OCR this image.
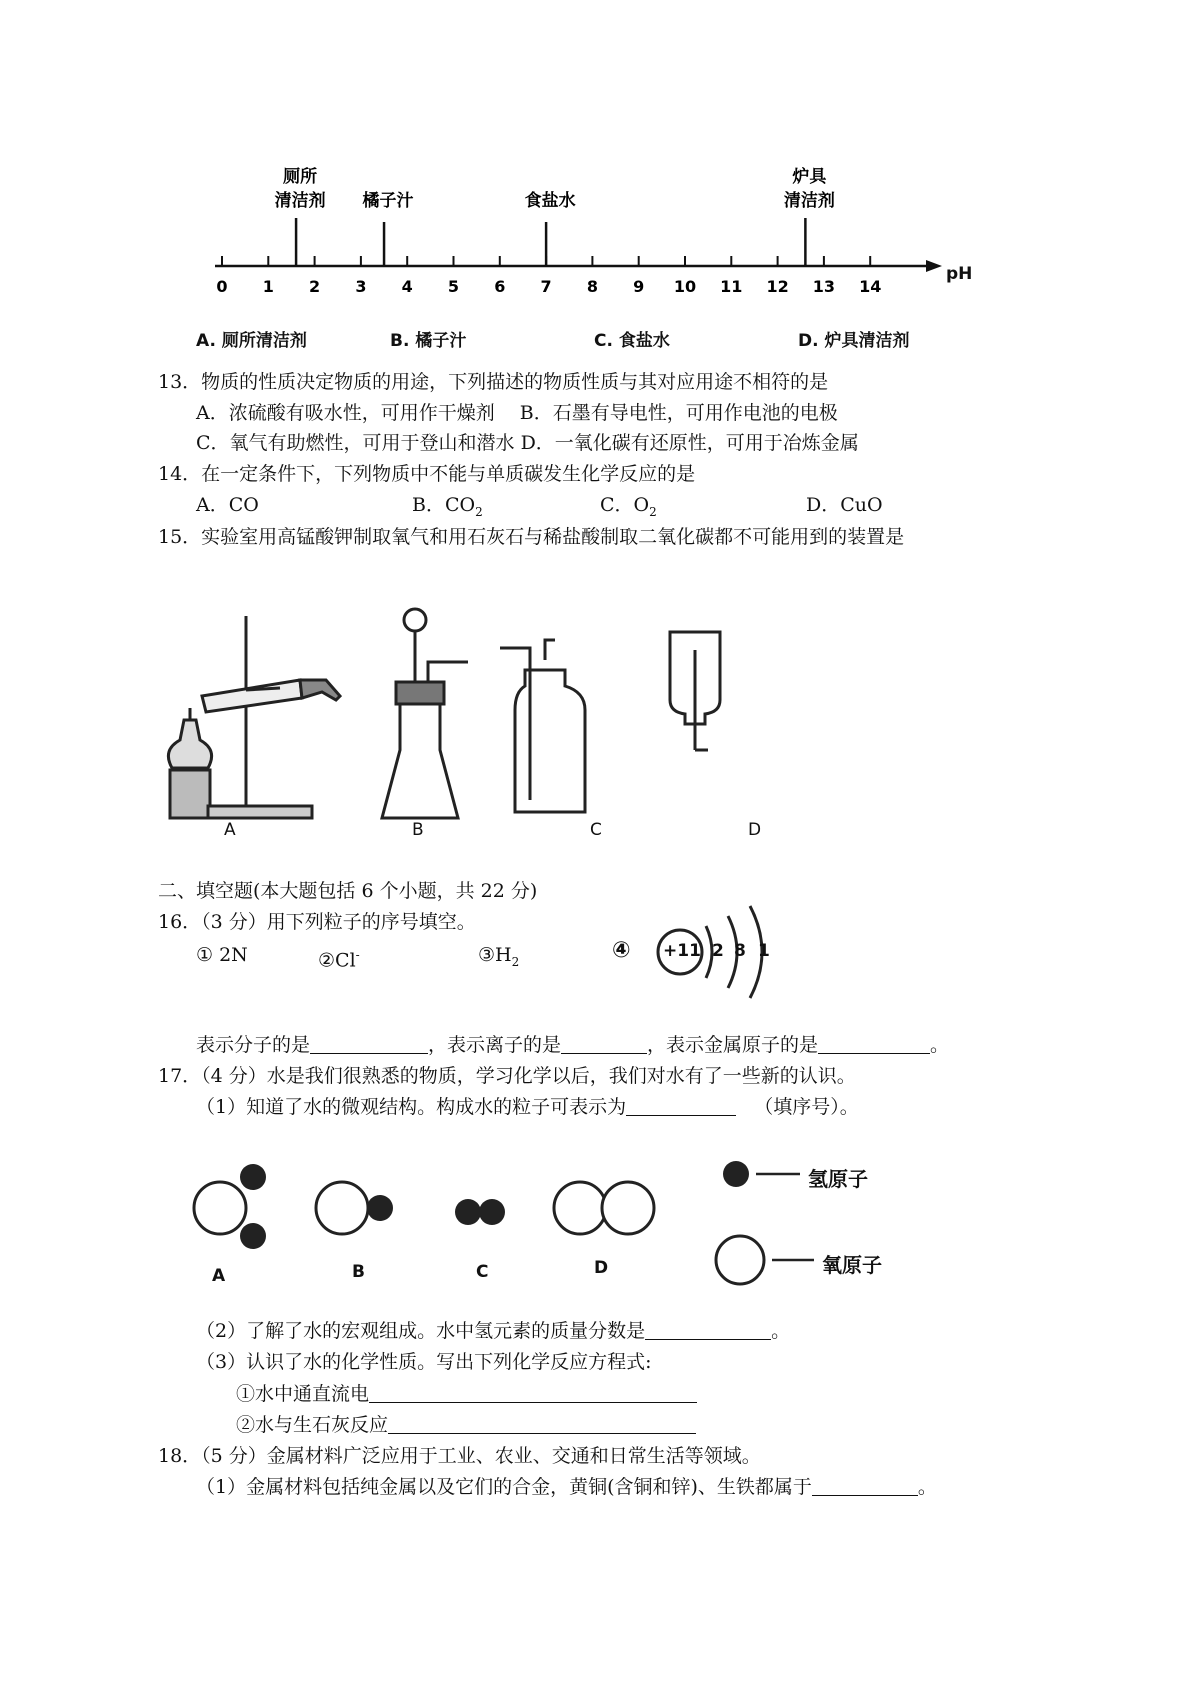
0 1 2 3 4 5 6 7 8 9 10 11 12 13 14
厕所
清洁剂 橘子汁	食盐水
炉具
清洁剂
pH
A. 厕所清洁剂	B. 橘子汁	C. 食盐水	D. 炉具清洁剂
13．物质的性质决定物质的用途，下列描述的物质性质与其对应用途不相符的是
A．浓硫酸有吸水性，可用作干燥剂　 B．石墨有导电性，可用作电池的电极
C．氧气有助燃性，可用于登山和潜水 D．一氧化碳有还原性，可用于冶炼金属
14．在一定条件下，下列物质中不能与单质碳发生化学反应的是
A．CO	B．$CO_2$	C．$O_2$	D．CuO
15．实验室用高锰酸钾制取氧气和用石灰石与稀盐酸制取二氧化碳都不可能用到的装置是
A	B	C	D
二、填空题(本大题包括 6 个小题，共 22 分)
16．（3 分）用下列粒子的序号填空。
① 2N	②Cl-	$③H_2$	④ +11 2 8 1
表示分子的是	，表示离子的是	，表示金属原子的是	。
17．（4 分）水是我们很熟悉的物质，学习化学以后，我们对水有了一些新的认识。
（1）知道了水的微观结构。构成水的粒子可表示为	（填序号）。
A	B	C	D
氢原子
氧原子
（2）了解了水的宏观组成。水中氢元素的质量分数是	。
（3）认识了水的化学性质。写出下列化学反应方程式:
①水中通直流电
②水与生石灰反应
18．（5 分）金属材料广泛应用于工业、农业、交通和日常生活等领域。
（1）金属材料包括纯金属以及它们的合金，黄铜(含铜和锌)、生铁都属于	。
